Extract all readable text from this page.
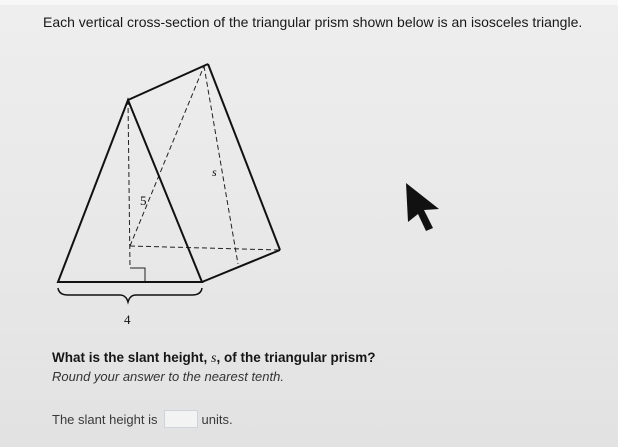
Each vertical cross-section of the triangular prism shown below is an isosceles triangle.
5
4
s
What is the slant height, s, of the triangular prism?
Round your answer to the nearest tenth.
The slant height is	units.
